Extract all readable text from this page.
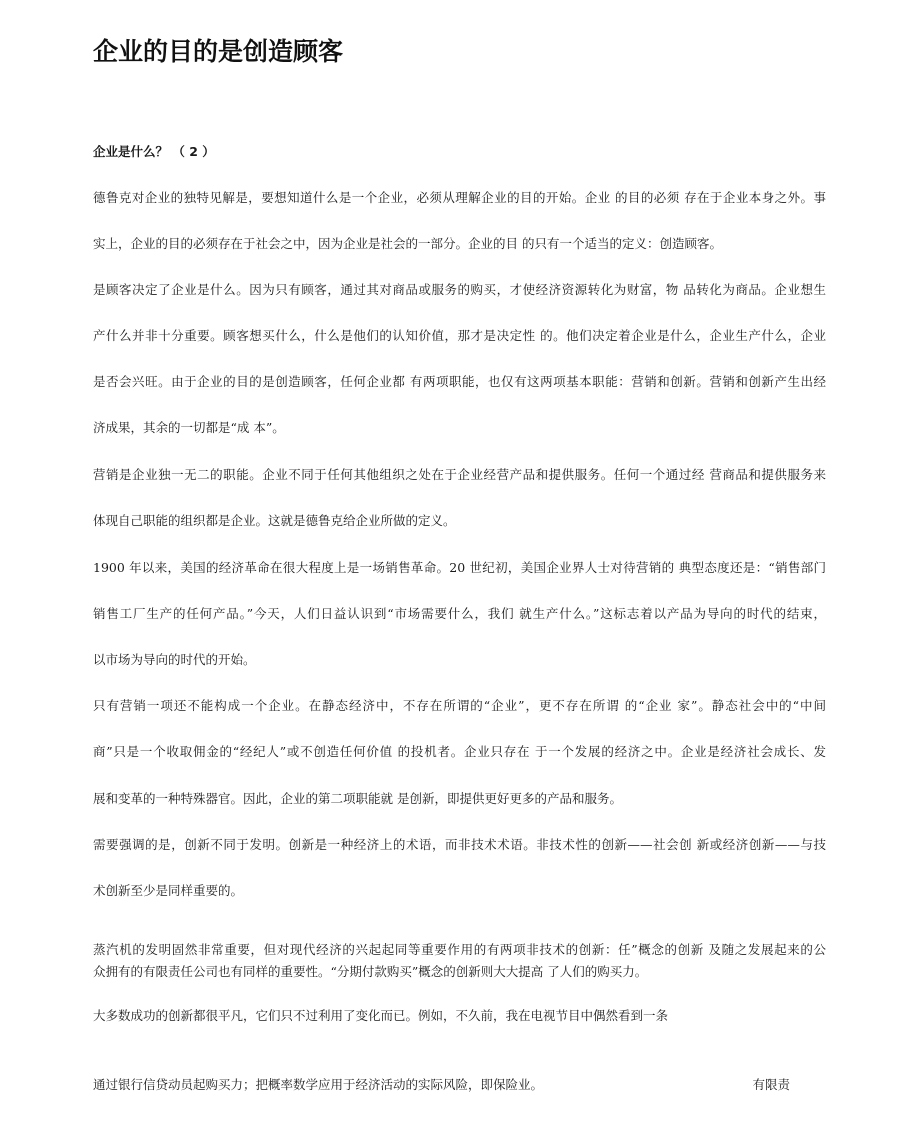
企业的目的是创造顾客

企业是什么？ （ 2 ）

德鲁克对企业的独特见解是，要想知道什么是一个企业，必须从理解企业的目的开始。企业 的目的必须 存在于企业本身之外。事

实上，企业的目的必须存在于社会之中，因为企业是社会的一部分。企业的目 的只有一个适当的定义：创造顾客。

是顾客决定了企业是什么。因为只有顾客，通过其对商品或服务的购买，才使经济资源转化为财富，物 品转化为商品。企业想生

产什么并非十分重要。顾客想买什么，什么是他们的认知价值，那才是决定性 的。他们决定着企业是什么，企业生产什么，企业

是否会兴旺。由于企业的目的是创造顾客，任何企业都 有两项职能，也仅有这两项基本职能：营销和创新。营销和创新产生出经

济成果，其余的一切都是“成 本”。

营销是企业独一无二的职能。企业不同于任何其他组织之处在于企业经营产品和提供服务。任何一个通过经 营商品和提供服务来

体现自己职能的组织都是企业。这就是德鲁克给企业所做的定义。

1900 年以来，美国的经济革命在很大程度上是一场销售革命。20 世纪初，美国企业界人士对待营销的 典型态度还是：“销售部门

销售工厂生产的任何产品。”今天，人们日益认识到“市场需要什么，我们 就生产什么。”这标志着以产品为导向的时代的结束，

以市场为导向的时代的开始。

只有营销一项还不能构成一个企业。在静态经济中，不存在所谓的“企业”，更不存在所谓 的“企业 家”。静态社会中的“中间

商”只是一个收取佣金的“经纪人”或不创造任何价值 的投机者。企业只存在 于一个发展的经济之中。企业是经济社会成长、发

展和变革的一种特殊器官。因此，企业的第二项职能就 是创新，即提供更好更多的产品和服务。

需要强调的是，创新不同于发明。创新是一种经济上的术语，而非技术术语。非技术性的创新——社会创 新或经济创新——与技

术创新至少是同样重要的。

蒸汽机的发明固然非常重要，但对现代经济的兴起起同等重要作用的有两项非技术的创新：任”概念的创新 及随之发展起来的公

众拥有的有限责任公司也有同样的重要性。“分期付款购买”概念的创新则大大提高 了人们的购买力。

大多数成功的创新都很平凡，它们只不过利用了变化而已。例如，不久前，我在电视节目中偶然看到一条

通过银行信贷动员起购买力；把概率数学应用于经济活动的实际风险，即保险业。	有限责
